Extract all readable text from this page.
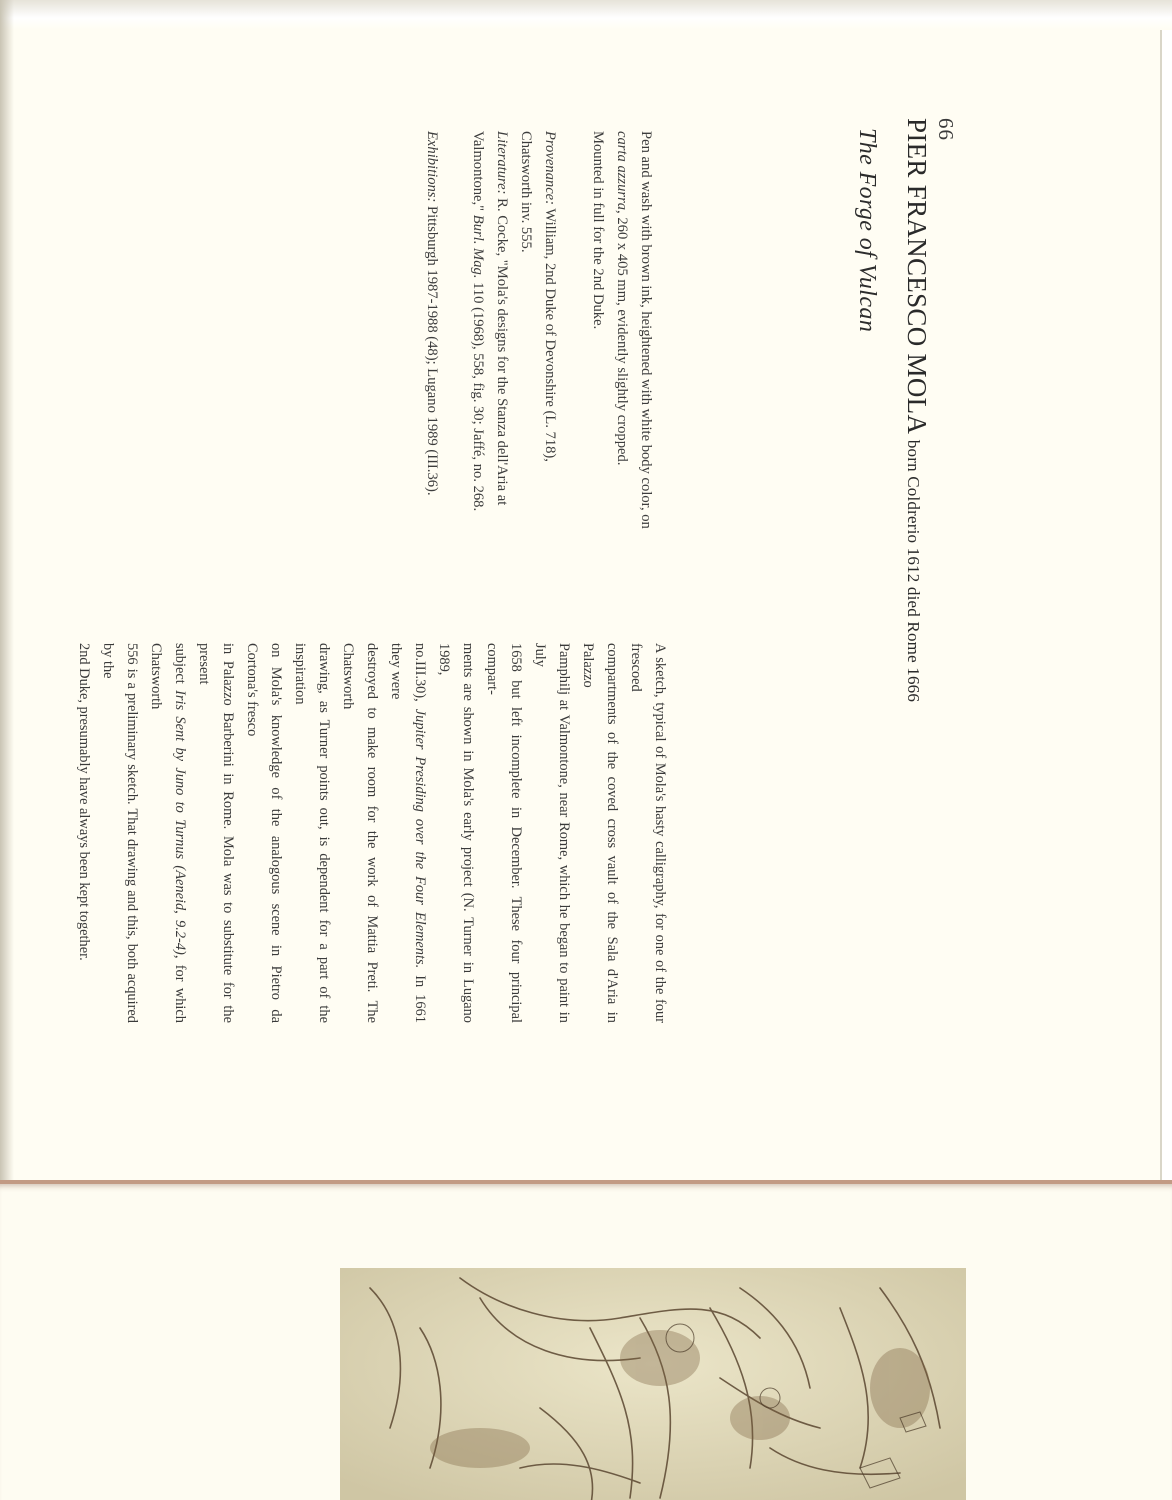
66
PIER FRANCESCO MOLA born Coldrerio 1612 died Rome 1666
The Forge of Vulcan

Pen and wash with brown ink, heightened with white body color, on

carta azzurra, 260 x 405 mm, evidently slightly cropped.

Mounted in full for the 2nd Duke.

Provenance: William, 2nd Duke of Devonshire (L. 718),

Chatsworth inv. 555.

Literature: R. Cocke, "Mola's designs for the Stanza dell'Aria at

Valmontone," Burl. Mag. 110 (1968), 558, fig. 30; Jaffé, no. 268.

Exhibitions: Pittsburgh 1987-1988 (48); Lugano 1989 (III.36).

A sketch, typical of Mola's hasty calligraphy, for one of the four frescoed

compartments of the coved cross vault of the Sala d'Aria in Palazzo

Pamphilj at Valmontone, near Rome, which he began to paint in July

1658 but left incomplete in December. These four principal compart-

ments are shown in Mola's early project (N. Turner in Lugano 1989,

no.III.30), Jupiter Presiding over the Four Elements. In 1661 they were

destroyed to make room for the work of Mattia Preti. The Chatsworth

drawing, as Turner points out, is dependent for a part of the inspiration

on Mola's knowledge of the analogous scene in Pietro da Cortona's fresco

in Palazzo Barberini in Rome. Mola was to substitute for the present

subject Iris Sent by Juno to Turnus (Aeneid, 9.2-4), for which Chatsworth

556 is a preliminary sketch. That drawing and this, both acquired by the

2nd Duke, presumably have always been kept together.
